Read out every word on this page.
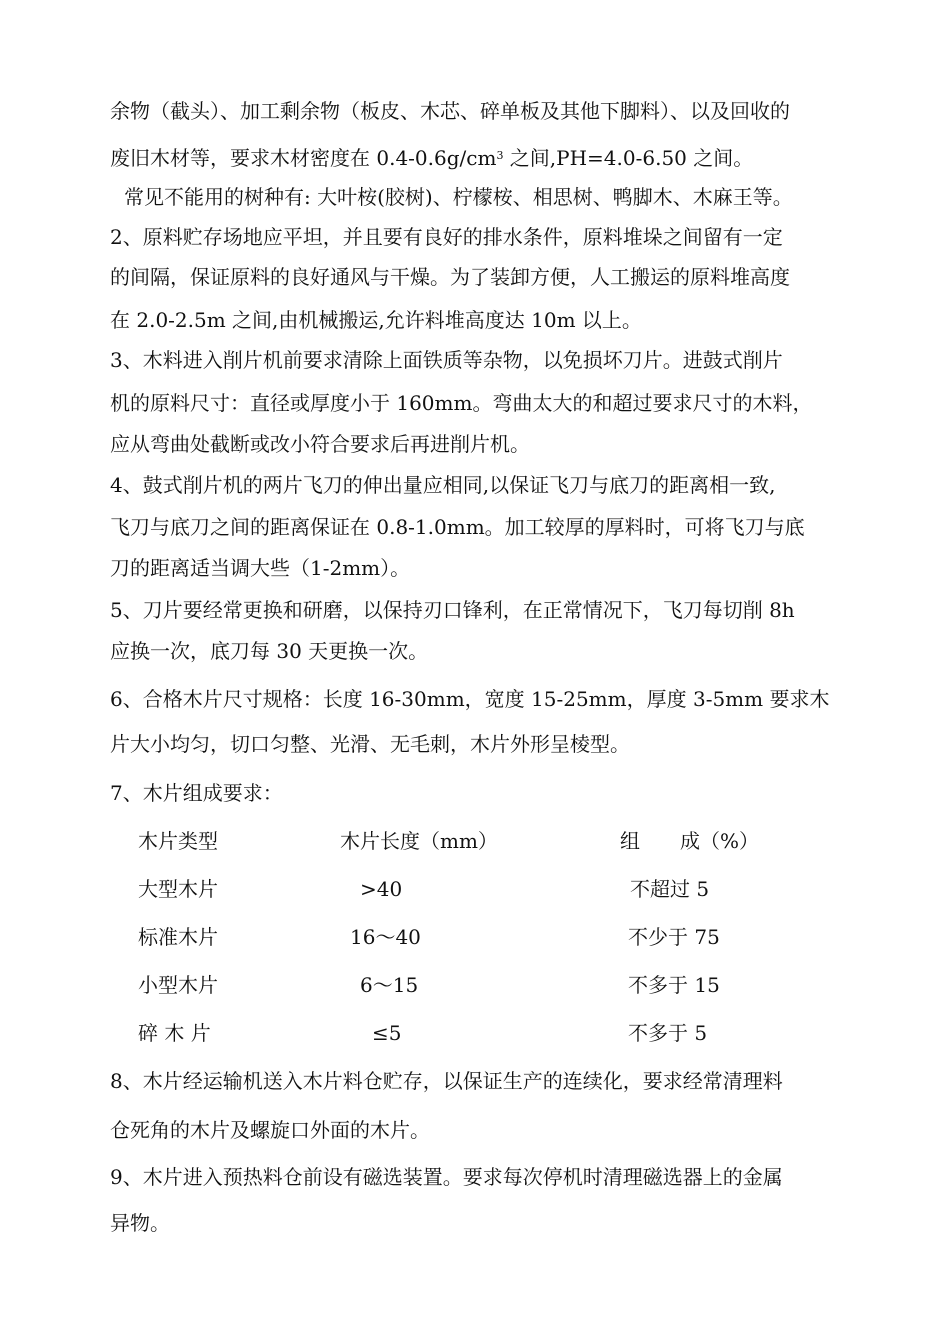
余物（截头）、加工剩余物（板皮、木芯、碎单板及其他下脚料）、以及回收的
废旧木材等，要求木材密度在 $0.4-0.6g/cm^3$ 之间,PH=4.0-6.50 之间。
常见不能用的树种有: 大叶桉(胶树)、柠檬桉、相思树、鸭脚木、木麻王等。
2、原料贮存场地应平坦，并且要有良好的排水条件，原料堆垛之间留有一定
的间隔，保证原料的良好通风与干燥。为了装卸方便，人工搬运的原料堆高度
在 2.0-2.5m 之间,由机械搬运,允许料堆高度达 10m 以上。
3、木料进入削片机前要求清除上面铁质等杂物，以免损坏刀片。进鼓式削片
机的原料尺寸：直径或厚度小于 160mm。弯曲太大的和超过要求尺寸的木料，
应从弯曲处截断或改小符合要求后再进削片机。
4、鼓式削片机的两片飞刀的伸出量应相同,以保证飞刀与底刀的距离相一致,
飞刀与底刀之间的距离保证在 0.8-1.0mm。加工较厚的厚料时，可将飞刀与底
刀的距离适当调大些（1-2mm）。
5、刀片要经常更换和研磨，以保持刃口锋利，在正常情况下，飞刀每切削 8h
应换一次，底刀每 30 天更换一次。
6、合格木片尺寸规格：长度 16-30mm，宽度 15-25mm，厚度 3-5mm 要求木
片大小均匀，切口匀整、光滑、无毛刺，木片外形呈棱型。
7、木片组成要求：
木片类型	木片长度（mm）	组　　成（%）
大型木片	>40	不超过 5
标准木片	16～40	不少于 75
小型木片	6～15	不多于 15
碎 木 片	≤5	不多于 5
8、木片经运输机送入木片料仓贮存，以保证生产的连续化，要求经常清理料
仓死角的木片及螺旋口外面的木片。
9、木片进入预热料仓前设有磁选装置。要求每次停机时清理磁选器上的金属
异物。
